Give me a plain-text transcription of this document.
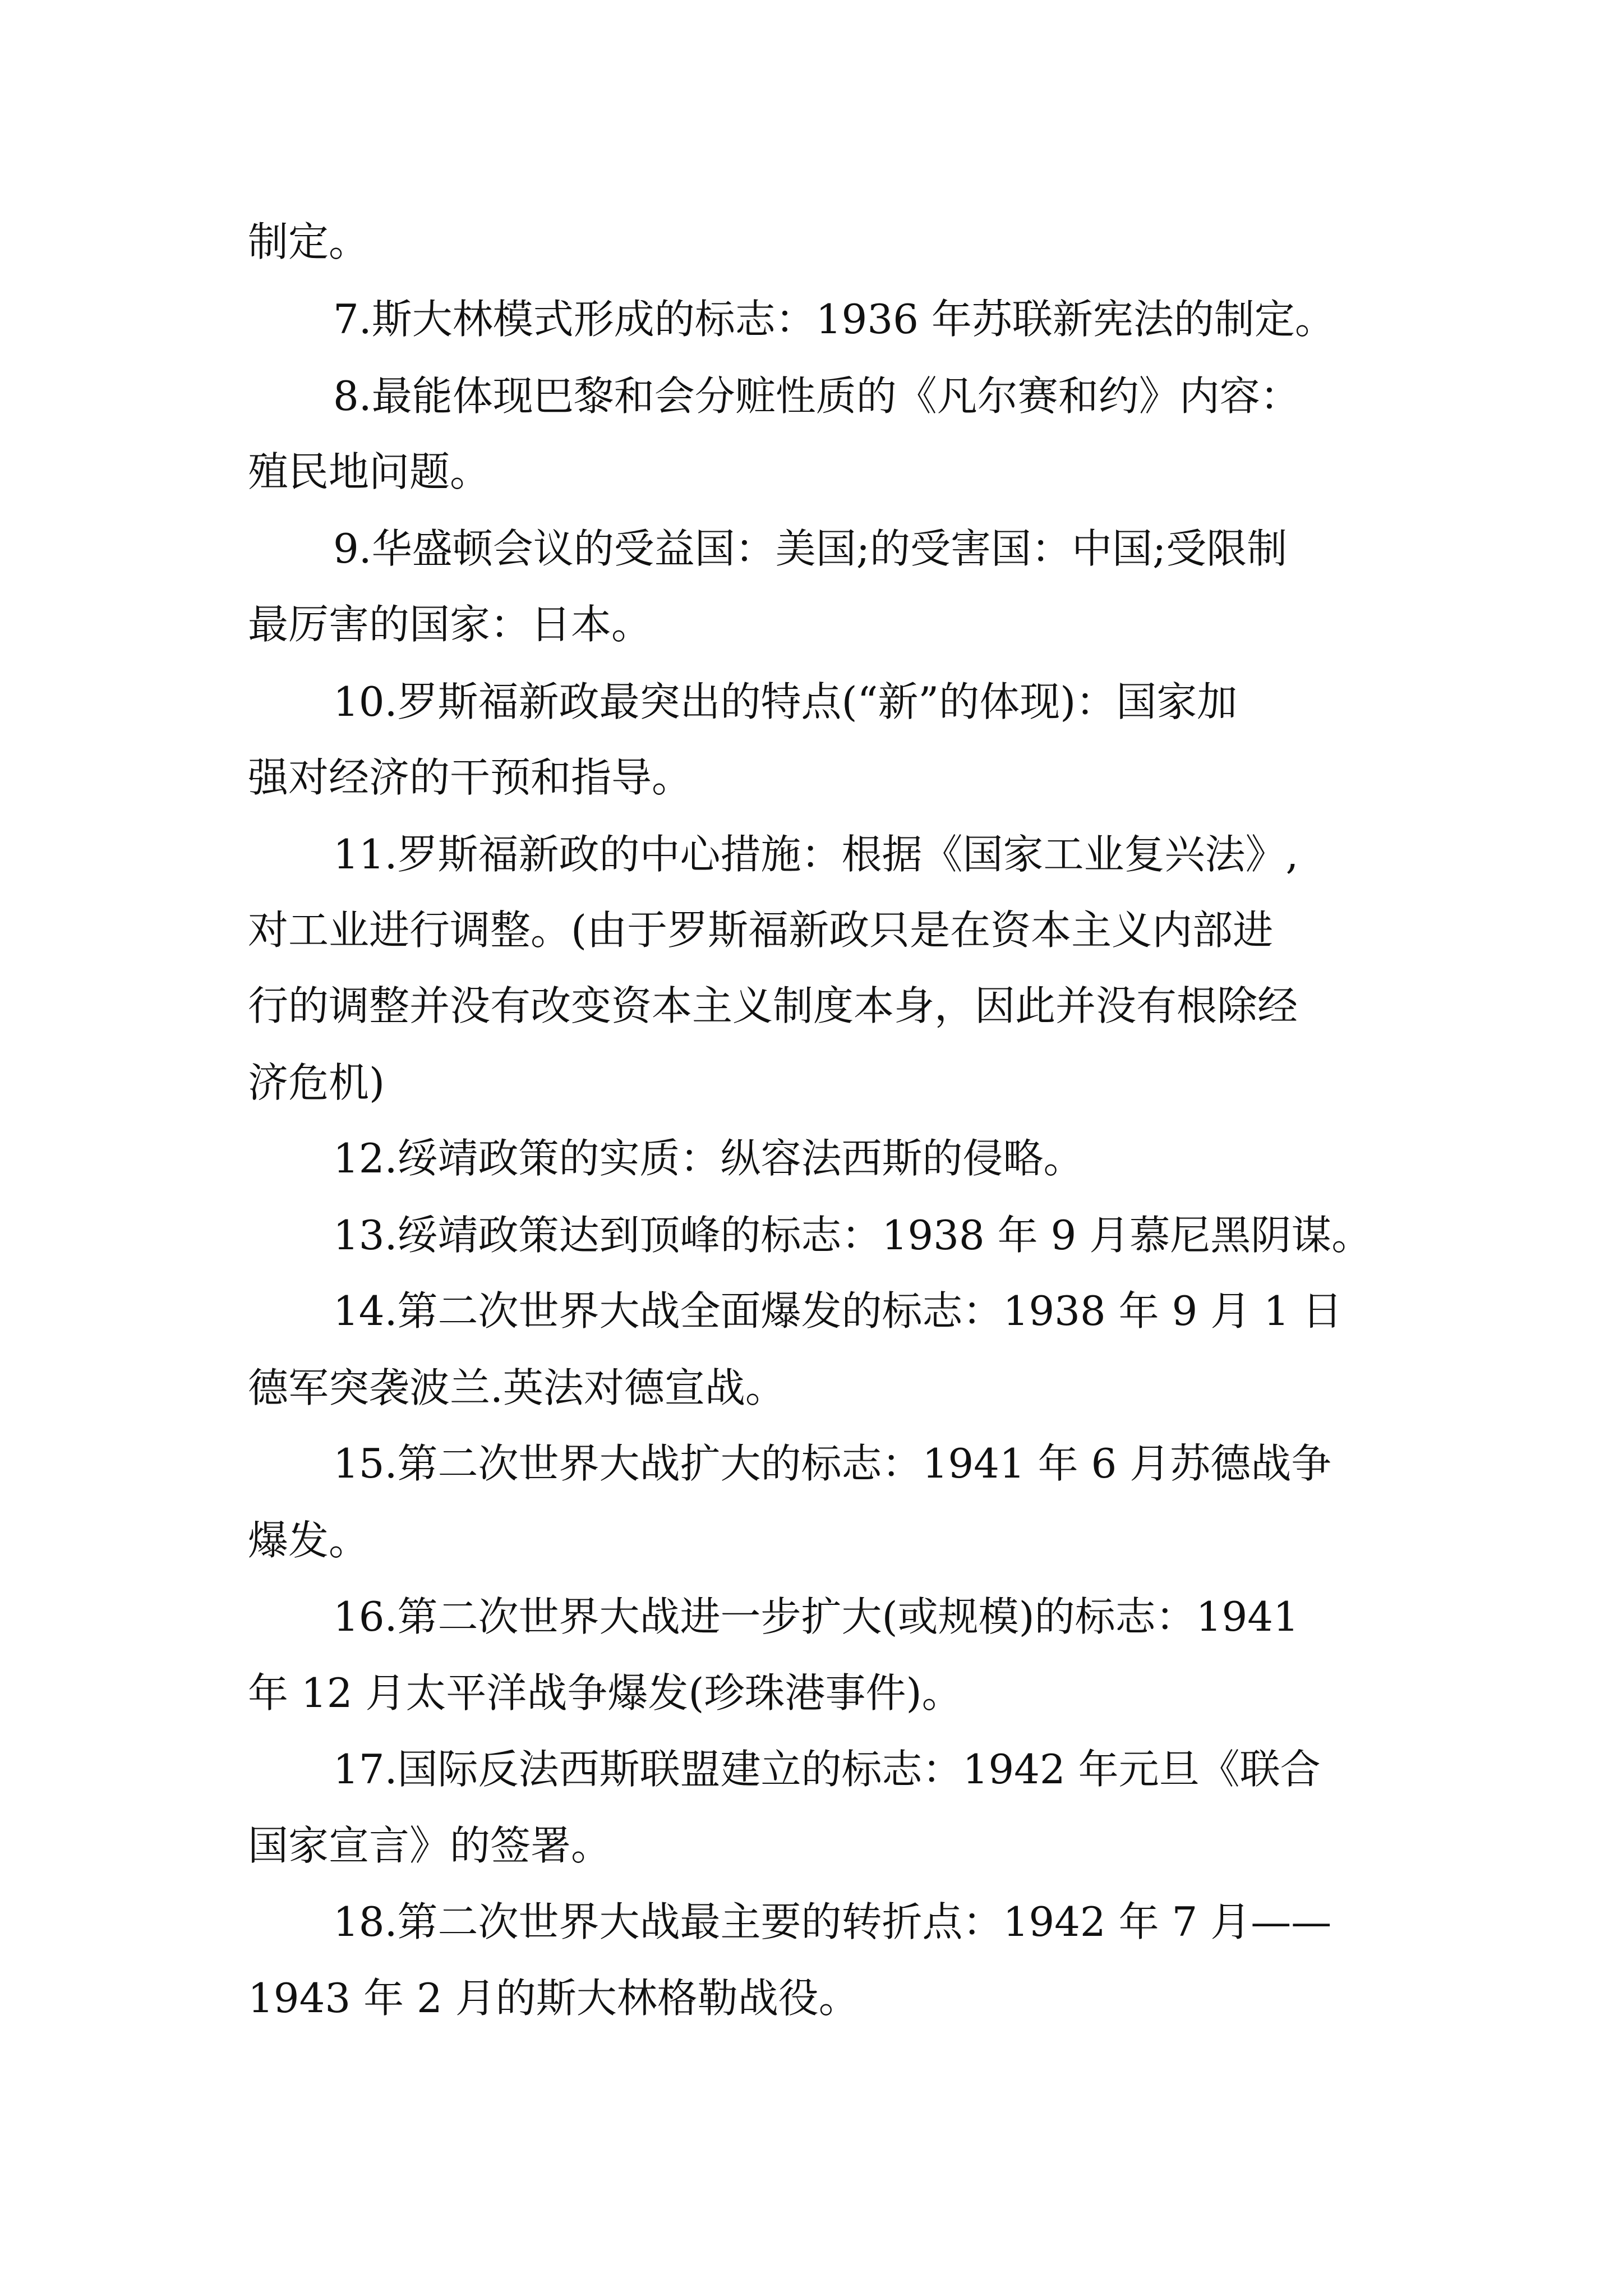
制定。

7.斯大林模式形成的标志：1936 年苏联新宪法的制定。

8.最能体现巴黎和会分赃性质的《凡尔赛和约》内容：

殖民地问题。

9.华盛顿会议的受益国：美国;的受害国：中国;受限制

最厉害的国家：日本。

10.罗斯福新政最突出的特点(“新”的体现)：国家加

强对经济的干预和指导。

11.罗斯福新政的中心措施：根据《国家工业复兴法》,

对工业进行调整。(由于罗斯福新政只是在资本主义内部进

行的调整并没有改变资本主义制度本身，因此并没有根除经

济危机)

12.绥靖政策的实质：纵容法西斯的侵略。

13.绥靖政策达到顶峰的标志：1938 年 9 月慕尼黑阴谋。

14.第二次世界大战全面爆发的标志：1938 年 9 月 1 日

德军突袭波兰.英法对德宣战。

15.第二次世界大战扩大的标志：1941 年 6 月苏德战争

爆发。

16.第二次世界大战进一步扩大(或规模)的标志：1941

年 12 月太平洋战争爆发(珍珠港事件)。

17.国际反法西斯联盟建立的标志：1942 年元旦《联合

国家宣言》的签署。

18.第二次世界大战最主要的转折点：1942 年 7 月——

1943 年 2 月的斯大林格勒战役。
